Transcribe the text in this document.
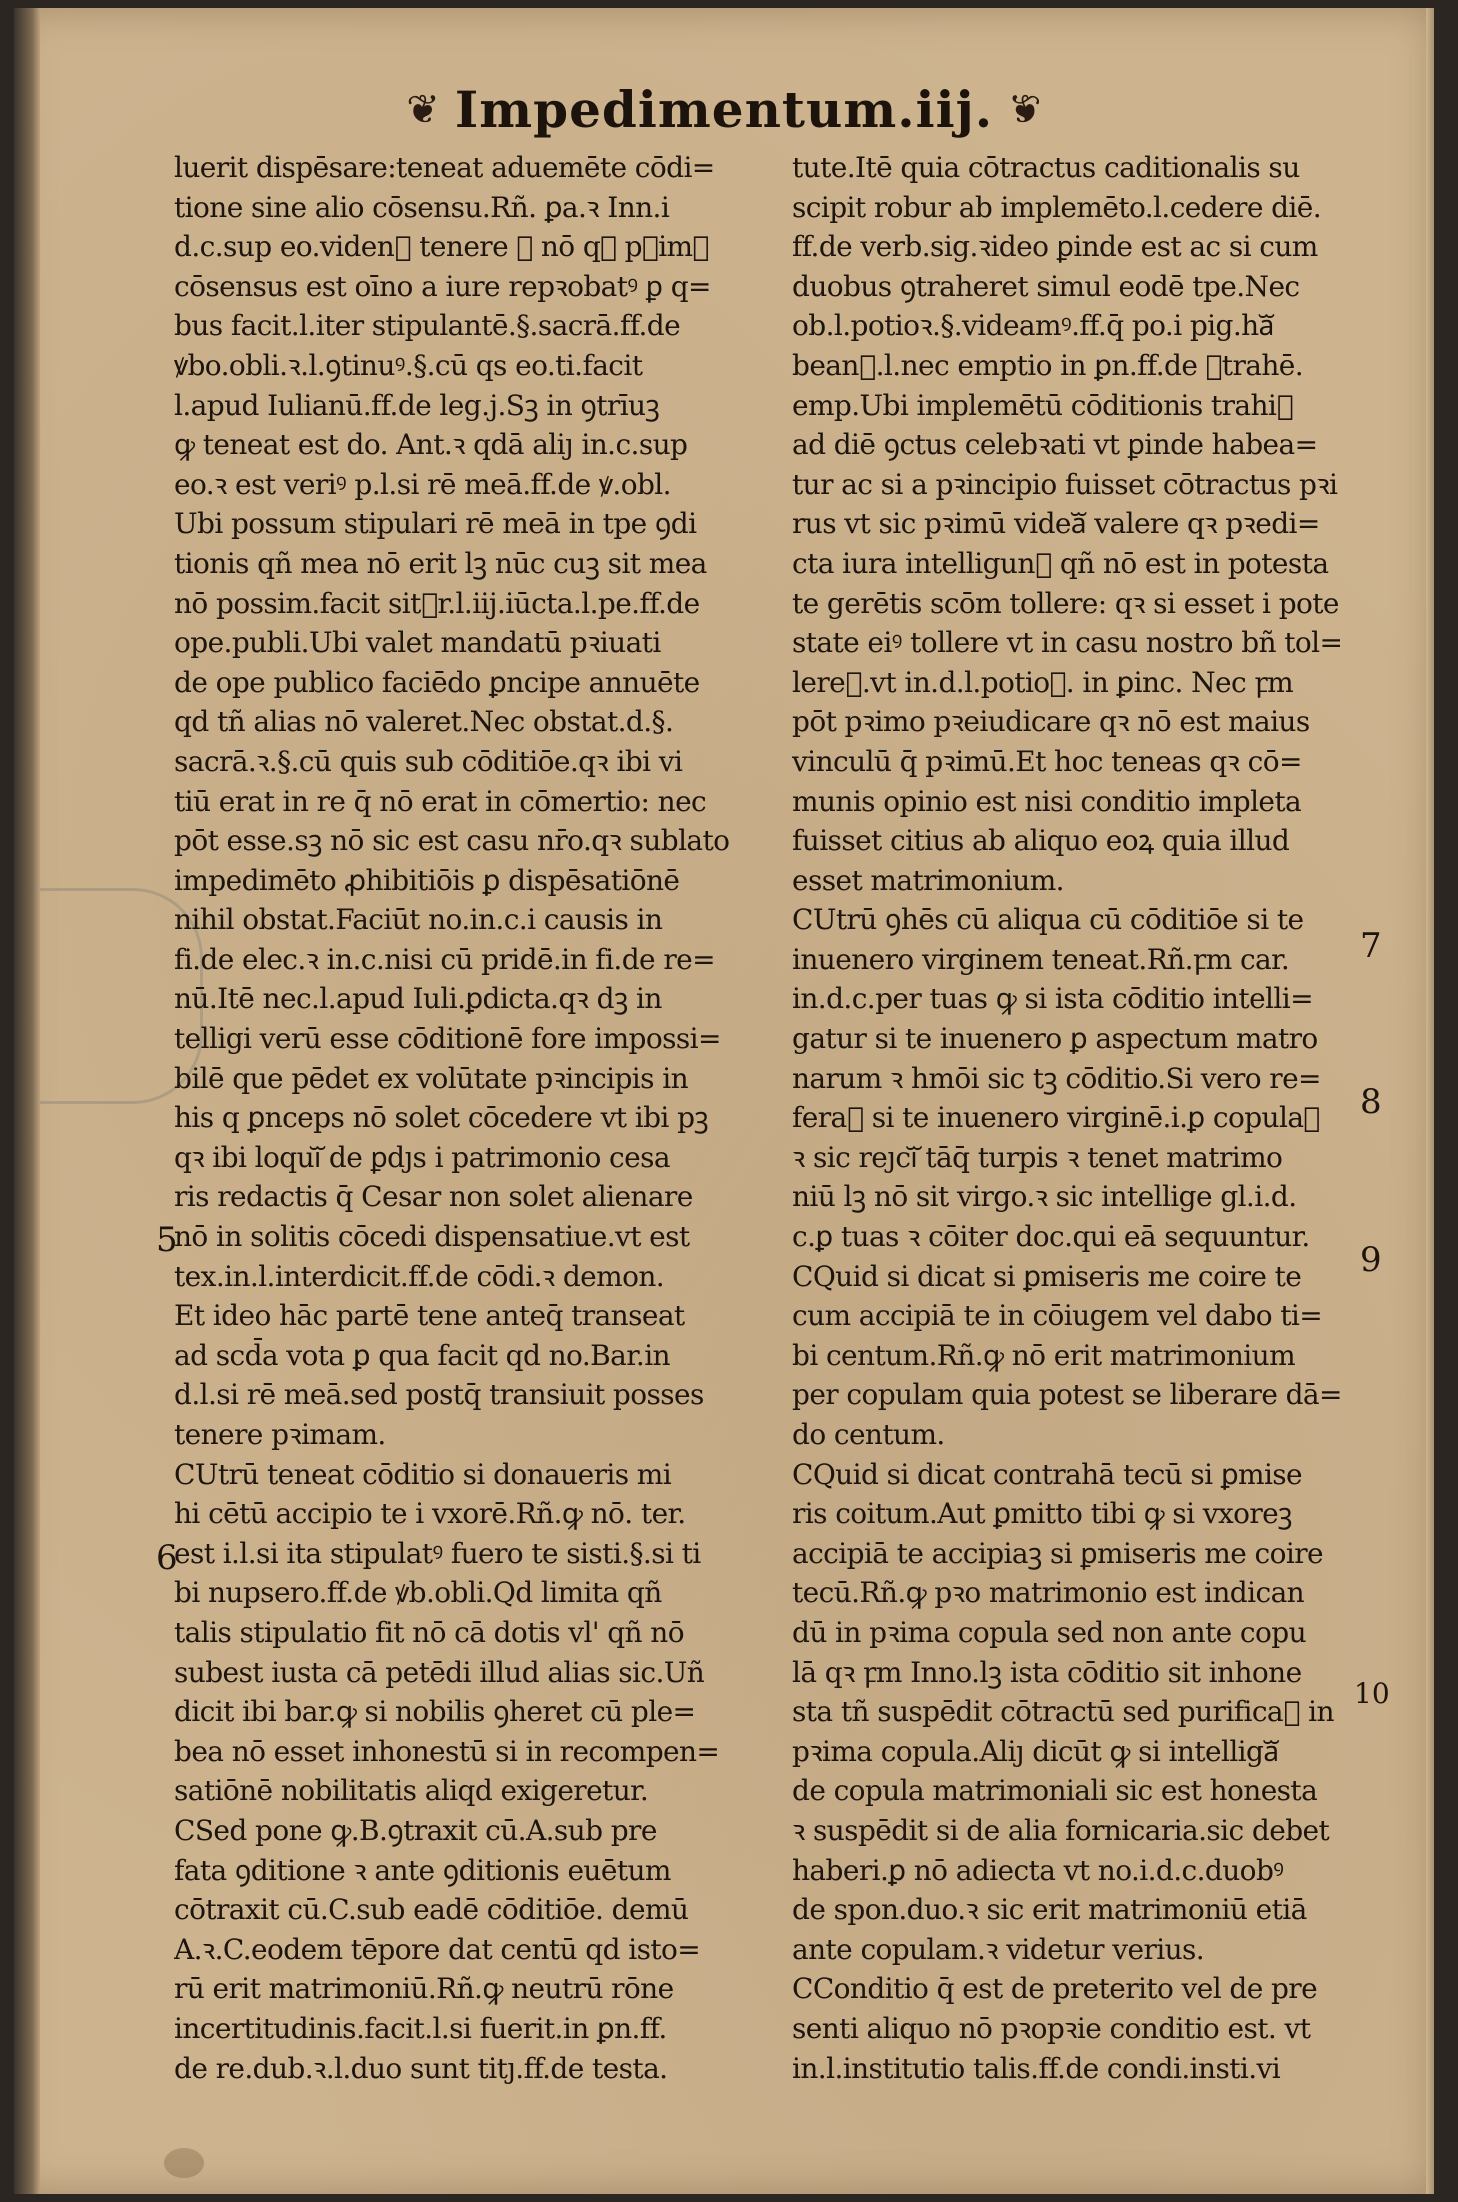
❦ Impedimentum.iij. ❦
luerit dispēsare:teneat aduemēte cōdi=
tione sine alio cōsensu.Rñ. ꝑa.ꝛ Inn.i
d.c.sup eo.videnᷓ tenere ꝙ nō qꝛ pꝛimꝰ
cōsensus est oīno a iure repꝛobatꝰ ꝑ q=
bus facit.l.iter stipulantē.§.sacrā.ff.de
ꝟbo.obli.ꝛ.l.ꝯtinuꝰ.§.cū qs eo.ti.facit
l.apud Iulianū.ff.de leg.j.Sꝫ in ꝯtrīuꝫ
ꝙ teneat est do. Ant.ꝛ qdā aliȷ in.c.sup
eo.ꝛ est veriꝰ p.l.si rē meā.ff.de ꝟ.obl.
Ubi possum stipulari rē meā in tpe ꝯdi
tionis qñ mea nō erit lꝫ nūc cuꝫ sit mea
nō possim.facit sitᷓr.l.iij.iūcta.l.pe.ff.de
ope.publi.Ubi valet mandatū pꝛiuati
de ope publico faciēdo ꝑncipe annuēte
qd tñ alias nō valeret.Nec obstat.d.§.
sacrā.ꝛ.§.cū quis sub cōditiōe.qꝛ ibi vi
tiū erat in re q̄ nō erat in cōmertio: nec
pōt esse.sꝫ nō sic est casu nr̄o.qꝛ sublato
impedimēto ꝓhibitiōis ꝑ dispēsatiōnē
nihil obstat.Faciūt no.in.c.i causis in
fi.de elec.ꝛ in.c.nisi cū pridē.in fi.de re=
nū.Itē nec.l.apud Iuli.ꝑdicta.qꝛ dꝫ in
telligi verū esse cōditionē fore impossi=
bilē que pēdet ex volūtate pꝛincipis in
his q ꝑnceps nō solet cōcedere vt ibi pꝫ
qꝛ ibi loquiᷓ de ꝑdȷs i patrimonio cesa
ris redactis q̄ Cesar non solet alienare
nō in solitis cōcedi dispensatiue.vt est
tex.in.l.interdicit.ff.de cōdi.ꝛ demon.
Et ideo hāc partē tene anteq̄ transeat
ad scd̄a vota ꝑ qua facit qd no.Bar.in
d.l.si rē meā.sed postq̄ transiuit posses
tenere pꝛimam.
CUtrū teneat cōditio si donaueris mi
hi cētū accipio te i vxorē.Rñ.ꝙ nō. ter.
est i.l.si ita stipulatꝰ fuero te sisti.§.si ti
bi nupsero.ff.de ꝟb.obli.Qd limita qñ
talis stipulatio fit nō cā dotis vl' qñ nō
subest iusta cā petēdi illud alias sic.Uñ
dicit ibi bar.ꝙ si nobilis ꝯheret cū ple=
bea nō esset inhonestū si in recompen=
satiōnē nobilitatis aliqd exigeretur.
CSed pone ꝙ.B.ꝯtraxit cū.A.sub pre
fata ꝯditione ꝛ ante ꝯditionis euētum
cōtraxit cū.C.sub eadē cōditiōe. demū
A.ꝛ.C.eodem tēpore dat centū qd isto=
rū erit matrimoniū.Rñ.ꝙ neutrū rōne
incertitudinis.facit.l.si fuerit.in ꝑn.ff.
de re.dub.ꝛ.l.duo sunt titȷ.ff.de testa.
tute.Itē quia cōtractus caditionalis su
scipit robur ab implemēto.l.cedere diē.
ff.de verb.sig.ꝛideo ꝑinde est ac si cum
duobus ꝯtraheret simul eodē tpe.Nec
ob.l.potioꝛ.§.videamꝰ.ff.q̄ po.i pig.haᷓ
beanᷓ.l.nec emptio in ꝑn.ff.de ꝯtrahē.
emp.Ubi implemētū cōditionis trahiᷓ
ad diē ꝯctus celebꝛati vt ꝑinde habea=
tur ac si a pꝛincipio fuisset cōtractus pꝛi
rus vt sic pꝛimū videaᷓ valere qꝛ pꝛedi=
cta iura intelligunᷓ qñ nō est in potesta
te gerētis scōm tollere: qꝛ si esset i pote
state eiꝰ tollere vt in casu nostro bñ tol=
lereᷓ.vt in.d.l.potioꝛ. in ꝑinc. Nec ꝼm
pōt pꝛimo pꝛeiudicare qꝛ nō est maius
vinculū q̄ pꝛimū.Et hoc teneas qꝛ cō=
munis opinio est nisi conditio impleta
fuisset citius ab aliquo eoꝝ quia illud
esset matrimonium.
CUtrū ꝯhēs cū aliqua cū cōditiōe si te
inuenero virginem teneat.Rñ.ꝼm car.
in.d.c.per tuas ꝙ si ista cōditio intelli=
gatur si te inuenero ꝑ aspectum matro
narum ꝛ hmōi sic tꝫ cōditio.Si vero re=
feraᷓ si te inuenero virginē.i.ꝑ copulaꝫ
ꝛ sic reȷciᷓ tāq̄ turpis ꝛ tenet matrimo
niū lꝫ nō sit virgo.ꝛ sic intellige gl.i.d.
c.ꝑ tuas ꝛ cōiter doc.qui eā sequuntur.
CQuid si dicat si ꝑmiseris me coire te
cum accipiā te in cōiugem vel dabo ti=
bi centum.Rñ.ꝙ nō erit matrimonium
per copulam quia potest se liberare dā=
do centum.
CQuid si dicat contrahā tecū si ꝑmise
ris coitum.Aut ꝑmitto tibi ꝙ si vxoreꝫ
accipiā te accipiaꝫ si ꝑmiseris me coire
tecū.Rñ.ꝙ pꝛo matrimonio est indican
dū in pꝛima copula sed non ante copu
lā qꝛ ꝼm Inno.lꝫ ista cōditio sit inhone
sta tñ suspēdit cōtractū sed purificaᷓ in
pꝛima copula.Aliȷ dicūt ꝙ si intelligaᷓ
de copula matrimoniali sic est honesta
ꝛ suspēdit si de alia fornicaria.sic debet
haberi.ꝑ nō adiecta vt no.i.d.c.duobꝰ
de spon.duo.ꝛ sic erit matrimoniū etiā
ante copulam.ꝛ videtur verius.
CConditio q̄ est de preterito vel de pre
senti aliquo nō pꝛopꝛie conditio est. vt
in.l.institutio talis.ff.de condi.insti.vi
5
6
7
8
9
10
